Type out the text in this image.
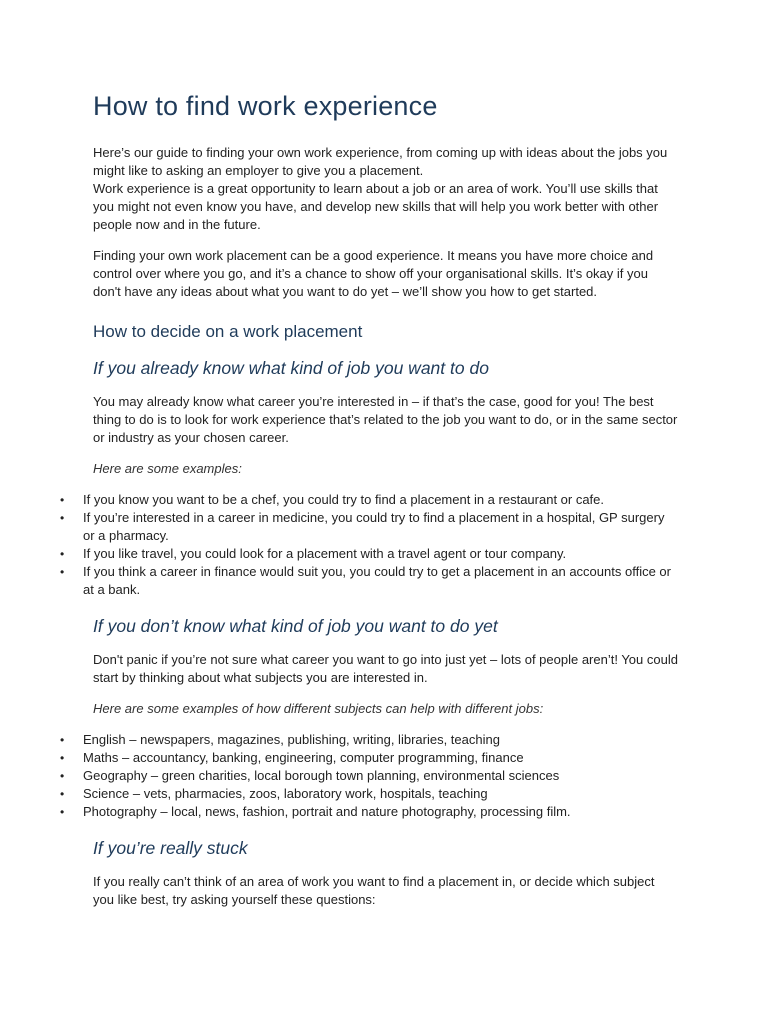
How to find work experience

Here’s our guide to finding your own work experience, from coming up with ideas about the jobs you might like to asking an employer to give you a placement.

Work experience is a great opportunity to learn about a job or an area of work. You’ll use skills that you might not even know you have, and develop new skills that will help you work better with other people now and in the future.

Finding your own work placement can be a good experience. It means you have more choice and control over where you go, and it’s a chance to show off your organisational skills. It’s okay if you don't have any ideas about what you want to do yet – we’ll show you how to get started.

How to decide on a work placement
If you already know what kind of job you want to do

You may already know what career you’re interested in – if that’s the case, good for you! The best thing to do is to look for work experience that’s related to the job you want to do, or in the same sector or industry as your chosen career.

Here are some examples:

• If you know you want to be a chef, you could try to find a placement in a restaurant or cafe.
• If you’re interested in a career in medicine, you could try to find a placement in a hospital, GP surgery or a pharmacy.
• If you like travel, you could look for a placement with a travel agent or tour company.
• If you think a career in finance would suit you, you could try to get a placement in an accounts office or at a bank.
If you don’t know what kind of job you want to do yet

Don't panic if you’re not sure what career you want to go into just yet – lots of people aren’t! You could start by thinking about what subjects you are interested in.

Here are some examples of how different subjects can help with different jobs:

• English – newspapers, magazines, publishing, writing, libraries, teaching
• Maths – accountancy, banking, engineering, computer programming, finance
• Geography – green charities, local borough town planning, environmental sciences
• Science – vets, pharmacies, zoos, laboratory work, hospitals, teaching
• Photography – local, news, fashion, portrait and nature photography, processing film.
If you’re really stuck

If you really can’t think of an area of work you want to find a placement in, or decide which subject you like best, try asking yourself these questions:
